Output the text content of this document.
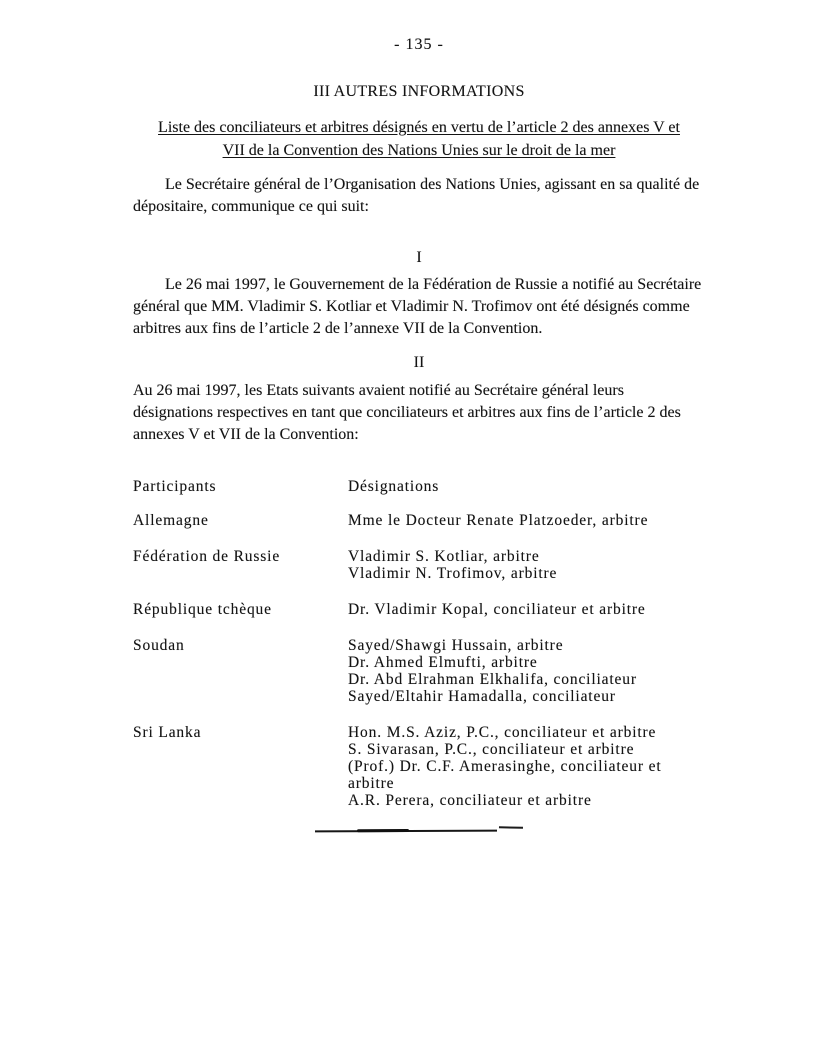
- 135 -
III AUTRES INFORMATIONS
Liste des conciliateurs et arbitres désignés en vertu de l’article 2 des annexes V et
VII de la Convention des Nations Unies sur le droit de la mer
Le Secrétaire général de l’Organisation des Nations Unies, agissant en sa qualité de dépositaire, communique ce qui suit:
I
Le 26 mai 1997, le Gouvernement de la Fédération de Russie a notifié au Secrétaire général que MM. Vladimir S. Kotliar et Vladimir N. Trofimov ont été désignés comme arbitres aux fins de l’article 2 de l’annexe VII de la Convention.
II
Au 26 mai 1997, les Etats suivants avaient notifié au Secrétaire général leurs désignations respectives en tant que conciliateurs et arbitres aux fins de l’article 2 des annexes V et VII de la Convention:
Participants	Désignations
Allemagne	Mme le Docteur Renate Platzoeder, arbitre
Fédération de Russie	Vladimir S. Kotliar, arbitre
Vladimir N. Trofimov, arbitre
République tchèque	Dr. Vladimir Kopal, conciliateur et arbitre
Soudan	Sayed/Shawgi Hussain, arbitre
Dr. Ahmed Elmufti, arbitre
Dr. Abd Elrahman Elkhalifa, conciliateur
Sayed/Eltahir Hamadalla, conciliateur
Sri Lanka	Hon. M.S. Aziz, P.C., conciliateur et arbitre
S. Sivarasan, P.C., conciliateur et arbitre
(Prof.) Dr. C.F. Amerasinghe, conciliateur et arbitre
A.R. Perera, conciliateur et arbitre
